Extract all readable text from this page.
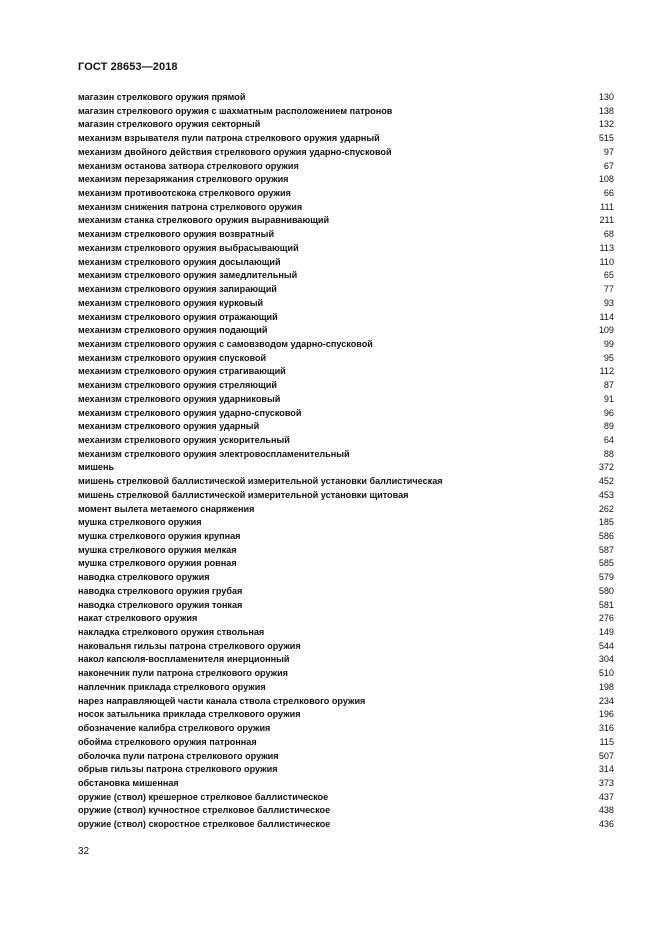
ГОСТ 28653—2018
магазин стрелкового оружия прямой	130
магазин стрелкового оружия с шахматным расположением патронов	138
магазин стрелкового оружия секторный	132
механизм взрывателя пули патрона стрелкового оружия ударный	515
механизм двойного действия стрелкового оружия ударно-спусковой	97
механизм останова затвора стрелкового оружия	67
механизм перезаряжания стрелкового оружия	108
механизм противоотскока стрелкового оружия	66
механизм снижения патрона стрелкового оружия	111
механизм станка стрелкового оружия выравнивающий	211
механизм стрелкового оружия возвратный	68
механизм стрелкового оружия выбрасывающий	113
механизм стрелкового оружия досылающий	110
механизм стрелкового оружия замедлительный	65
механизм стрелкового оружия запирающий	77
механизм стрелкового оружия курковый	93
механизм стрелкового оружия отражающий	114
механизм стрелкового оружия подающий	109
механизм стрелкового оружия с самовзводом ударно-спусковой	99
механизм стрелкового оружия спусковой	95
механизм стрелкового оружия страгивающий	112
механизм стрелкового оружия стреляющий	87
механизм стрелкового оружия ударниковый	91
механизм стрелкового оружия ударно-спусковой	96
механизм стрелкового оружия ударный	89
механизм стрелкового оружия ускорительный	64
механизм стрелкового оружия электровоспламенительный	88
мишень	372
мишень стрелковой баллистической измерительной установки баллистическая	452
мишень стрелковой баллистической измерительной установки щитовая	453
момент вылета метаемого снаряжения	262
мушка стрелкового оружия	185
мушка стрелкового оружия крупная	586
мушка стрелкового оружия мелкая	587
мушка стрелкового оружия ровная	585
наводка стрелкового оружия	579
наводка стрелкового оружия грубая	580
наводка стрелкового оружия тонкая	581
накат стрелкового оружия	276
накладка стрелкового оружия ствольная	149
наковальня гильзы патрона стрелкового оружия	544
накол капсюля-воспламенителя инерционный	304
наконечник пули патрона стрелкового оружия	510
наплечник приклада стрелкового оружия	198
нарез направляющей части канала ствола стрелкового оружия	234
носок затыльника приклада стрелкового оружия	196
обозначение калибра стрелкового оружия	316
обойма стрелкового оружия патронная	115
оболочка пули патрона стрелкового оружия	507
обрыв гильзы патрона стрелкового оружия	314
обстановка мишенная	373
оружие (ствол) крешерное стрелковое баллистическое	437
оружие (ствол) кучностное стрелковое баллистическое	438
оружие (ствол) скоростное стрелковое баллистическое	436
32
